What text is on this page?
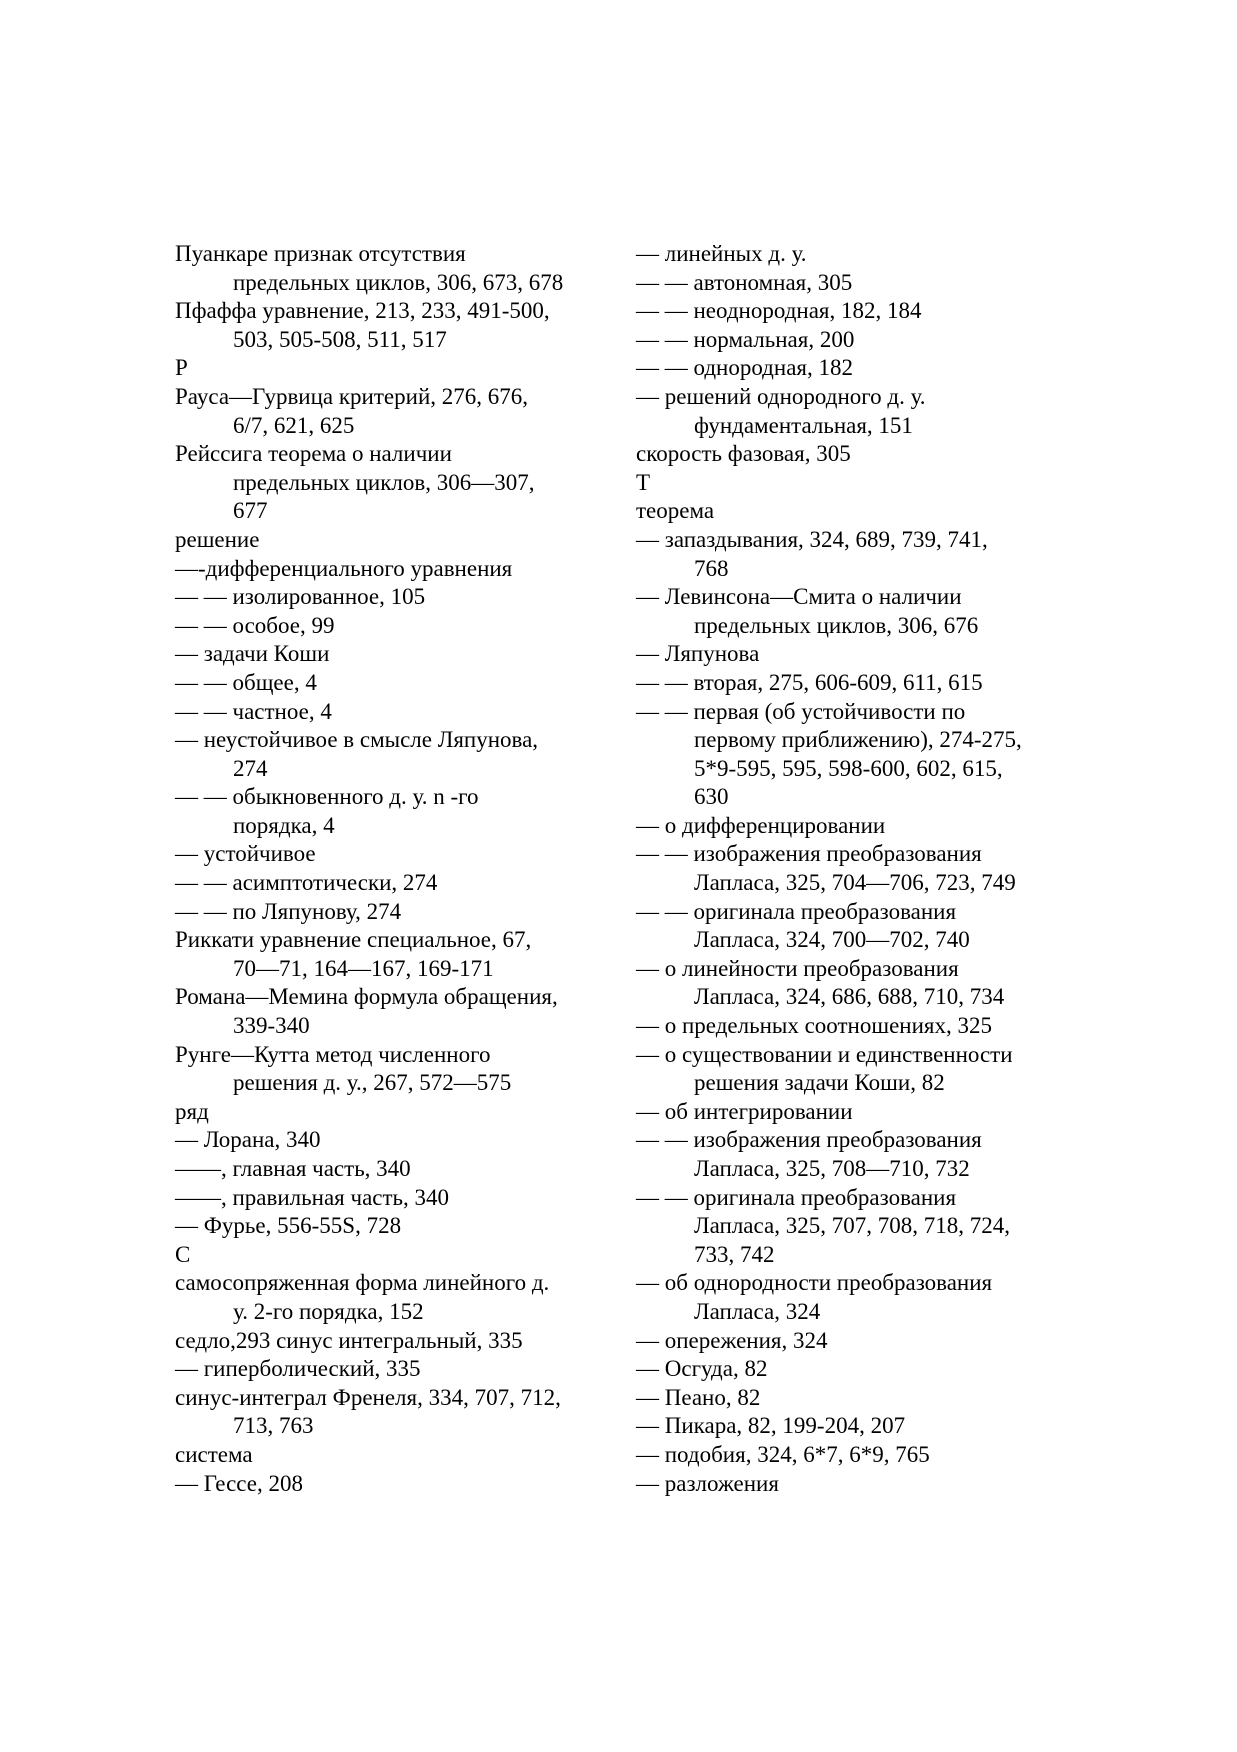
Пуанкаре признак отсутствия
предельных циклов, 306, 673, 678
Пфаффа уравнение, 213, 233, 491-500,
503, 505-508, 511, 517
Р
Рауса—Гурвица критерий, 276, 676,
6/7, 621, 625
Рейссига теорема о наличии
предельных циклов, 306—307,
677
решение
—-дифференциального уравнения
— — изолированное, 105
— — особое, 99
— задачи Коши
— — общее, 4
— — частное, 4
— неустойчивое в смысле Ляпунова,
274
— — обыкновенного д. у. n -го
порядка, 4
— устойчивое
— — асимптотически, 274
— — по Ляпунову, 274
Риккати уравнение специальное, 67,
70—71, 164—167, 169-171
Романа—Мемина формула обращения,
339-340
Рунге—Кутта метод численного
решения д. у., 267, 572—575
ряд
— Лорана, 340
——, главная часть, 340
——, правильная часть, 340
— Фурье, 556-55S, 728
С
самосопряженная форма линейного д.
у. 2-го порядка, 152
седло,293 синус интегральный, 335
— гиперболический, 335
синус-интеграл Френеля, 334, 707, 712,
713, 763
система
— Гессе, 208
— линейных д. у.
— — автономная, 305
— — неоднородная, 182, 184
— — нормальная, 200
— — однородная, 182
— решений однородного д. у.
фундаментальная, 151
скорость фазовая, 305
Т
теорема
— запаздывания, 324, 689, 739, 741,
768
— Левинсона—Смита о наличии
предельных циклов, 306, 676
— Ляпунова
— — вторая, 275, 606-609, 611, 615
— — первая (об устойчивости по
первому приближению), 274-275,
5*9-595, 595, 598-600, 602, 615,
630
— о дифференцировании
— — изображения преобразования
Лапласа, 325, 704—706, 723, 749
— — оригинала преобразования
Лапласа, 324, 700—702, 740
— о линейности преобразования
Лапласа, 324, 686, 688, 710, 734
— о предельных соотношениях, 325
— о существовании и единственности
решения задачи Коши, 82
— об интегрировании
— — изображения преобразования
Лапласа, 325, 708—710, 732
— — оригинала преобразования
Лапласа, 325, 707, 708, 718, 724,
733, 742
— об однородности преобразования
Лапласа, 324
— опережения, 324
— Осгуда, 82
— Пеано, 82
— Пикара, 82, 199-204, 207
— подобия, 324, 6*7, 6*9, 765
— разложения
